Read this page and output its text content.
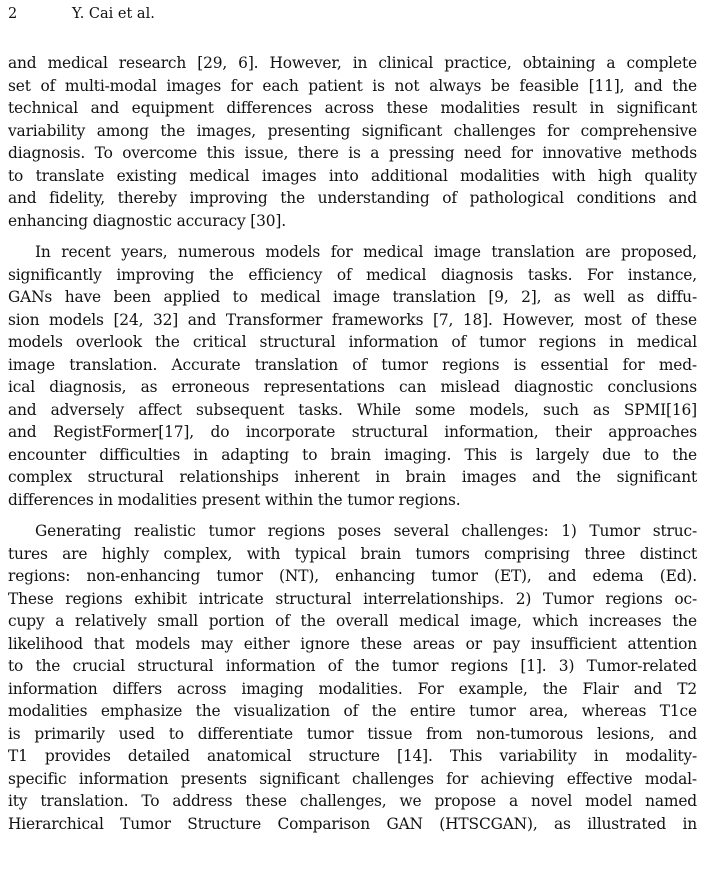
2	Y. Cai et al.
and medical research [29, 6]. However, in clinical practice, obtaining a complete
set of multi-modal images for each patient is not always be feasible [11], and the
technical and equipment differences across these modalities result in significant
variability among the images, presenting significant challenges for comprehensive
diagnosis. To overcome this issue, there is a pressing need for innovative methods
to translate existing medical images into additional modalities with high quality
and fidelity, thereby improving the understanding of pathological conditions and
enhancing diagnostic accuracy [30].
In recent years, numerous models for medical image translation are proposed,
significantly improving the efficiency of medical diagnosis tasks. For instance,
GANs have been applied to medical image translation [9, 2], as well as diffu-
sion models [24, 32] and Transformer frameworks [7, 18]. However, most of these
models overlook the critical structural information of tumor regions in medical
image translation. Accurate translation of tumor regions is essential for med-
ical diagnosis, as erroneous representations can mislead diagnostic conclusions
and adversely affect subsequent tasks. While some models, such as SPMI[16]
and RegistFormer[17], do incorporate structural information, their approaches
encounter difficulties in adapting to brain imaging. This is largely due to the
complex structural relationships inherent in brain images and the significant
differences in modalities present within the tumor regions.
Generating realistic tumor regions poses several challenges: 1) Tumor struc-
tures are highly complex, with typical brain tumors comprising three distinct
regions: non-enhancing tumor (NT), enhancing tumor (ET), and edema (Ed).
These regions exhibit intricate structural interrelationships. 2) Tumor regions oc-
cupy a relatively small portion of the overall medical image, which increases the
likelihood that models may either ignore these areas or pay insufficient attention
to the crucial structural information of the tumor regions [1]. 3) Tumor-related
information differs across imaging modalities. For example, the Flair and T2
modalities emphasize the visualization of the entire tumor area, whereas T1ce
is primarily used to differentiate tumor tissue from non-tumorous lesions, and
T1 provides detailed anatomical structure [14]. This variability in modality-
specific information presents significant challenges for achieving effective modal-
ity translation. To address these challenges, we propose a novel model named
Hierarchical Tumor Structure Comparison GAN (HTSCGAN), as illustrated in
